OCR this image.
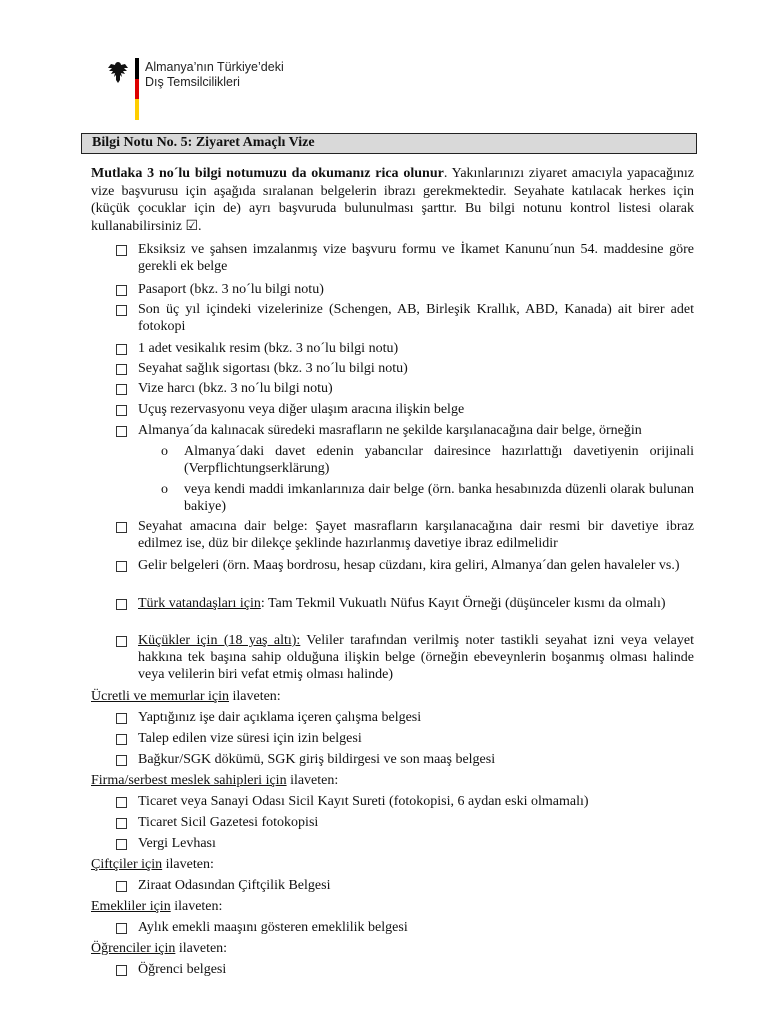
Almanya’nın Türkiye’deki
Dış Temsilcilikleri
Bilgi Notu No. 5: Ziyaret Amaçlı Vize
Mutlaka 3 no´lu bilgi notumuzu da okumanız rica olunur. Yakınlarınızı ziyaret amacıyla yapacağınız vize başvurusu için aşağıda sıralanan belgelerin ibrazı gerekmektedir. Seyahate katılacak herkes için (küçük çocuklar için de) ayrı başvuruda bulunulması şarttır. Bu bilgi notunu kontrol listesi olarak kullanabilirsiniz ☑.
Eksiksiz ve şahsen imzalanmış vize başvuru formu ve İkamet Kanunu´nun 54. maddesine göre gerekli ek belge
Pasaport (bkz. 3 no´lu bilgi notu)
Son üç yıl içindeki vizelerinize (Schengen, AB, Birleşik Krallık, ABD, Kanada) ait birer adet fotokopi
1 adet vesikalık resim (bkz. 3 no´lu bilgi notu)
Seyahat sağlık sigortası (bkz. 3 no´lu bilgi notu)
Vize harcı (bkz. 3 no´lu bilgi notu)
Uçuş rezervasyonu veya diğer ulaşım aracına ilişkin belge
Almanya´da kalınacak süredeki masrafların ne şekilde karşılanacağına dair belge, örneğin
o Almanya´daki davet edenin yabancılar dairesince hazırlattığı davetiyenin orijinali (Verpflichtungserklärung)
o veya kendi maddi imkanlarınıza dair belge (örn. banka hesabınızda düzenli olarak bulunan bakiye)
Seyahat amacına dair belge: Şayet masrafların karşılanacağına dair resmi bir davetiye ibraz edilmez ise, düz bir dilekçe şeklinde hazırlanmış davetiye ibraz edilmelidir
Gelir belgeleri (örn. Maaş bordrosu, hesap cüzdanı, kira geliri, Almanya´dan gelen havaleler vs.)
Türk vatandaşları için: Tam Tekmil Vukuatlı Nüfus Kayıt Örneği (düşünceler kısmı da olmalı)
Küçükler için (18 yaş altı): Veliler tarafından verilmiş noter tastikli seyahat izni veya velayet hakkına tek başına sahip olduğuna ilişkin belge (örneğin ebeveynlerin boşanmış olması halinde veya velilerin biri vefat etmiş olması halinde)
Ücretli ve memurlar için ilaveten:
Yaptığınız işe dair açıklama içeren çalışma belgesi
Talep edilen vize süresi için izin belgesi
Bağkur/SGK dökümü, SGK giriş bildirgesi ve son maaş belgesi
Firma/serbest meslek sahipleri için ilaveten:
Ticaret veya Sanayi Odası Sicil Kayıt Sureti (fotokopisi, 6 aydan eski olmamalı)
Ticaret Sicil Gazetesi fotokopisi
Vergi Levhası
Çiftçiler için ilaveten:
Ziraat Odasından Çiftçilik Belgesi
Emekliler için ilaveten:
Aylık emekli maaşını gösteren emeklilik belgesi
Öğrenciler için ilaveten:
Öğrenci belgesi
